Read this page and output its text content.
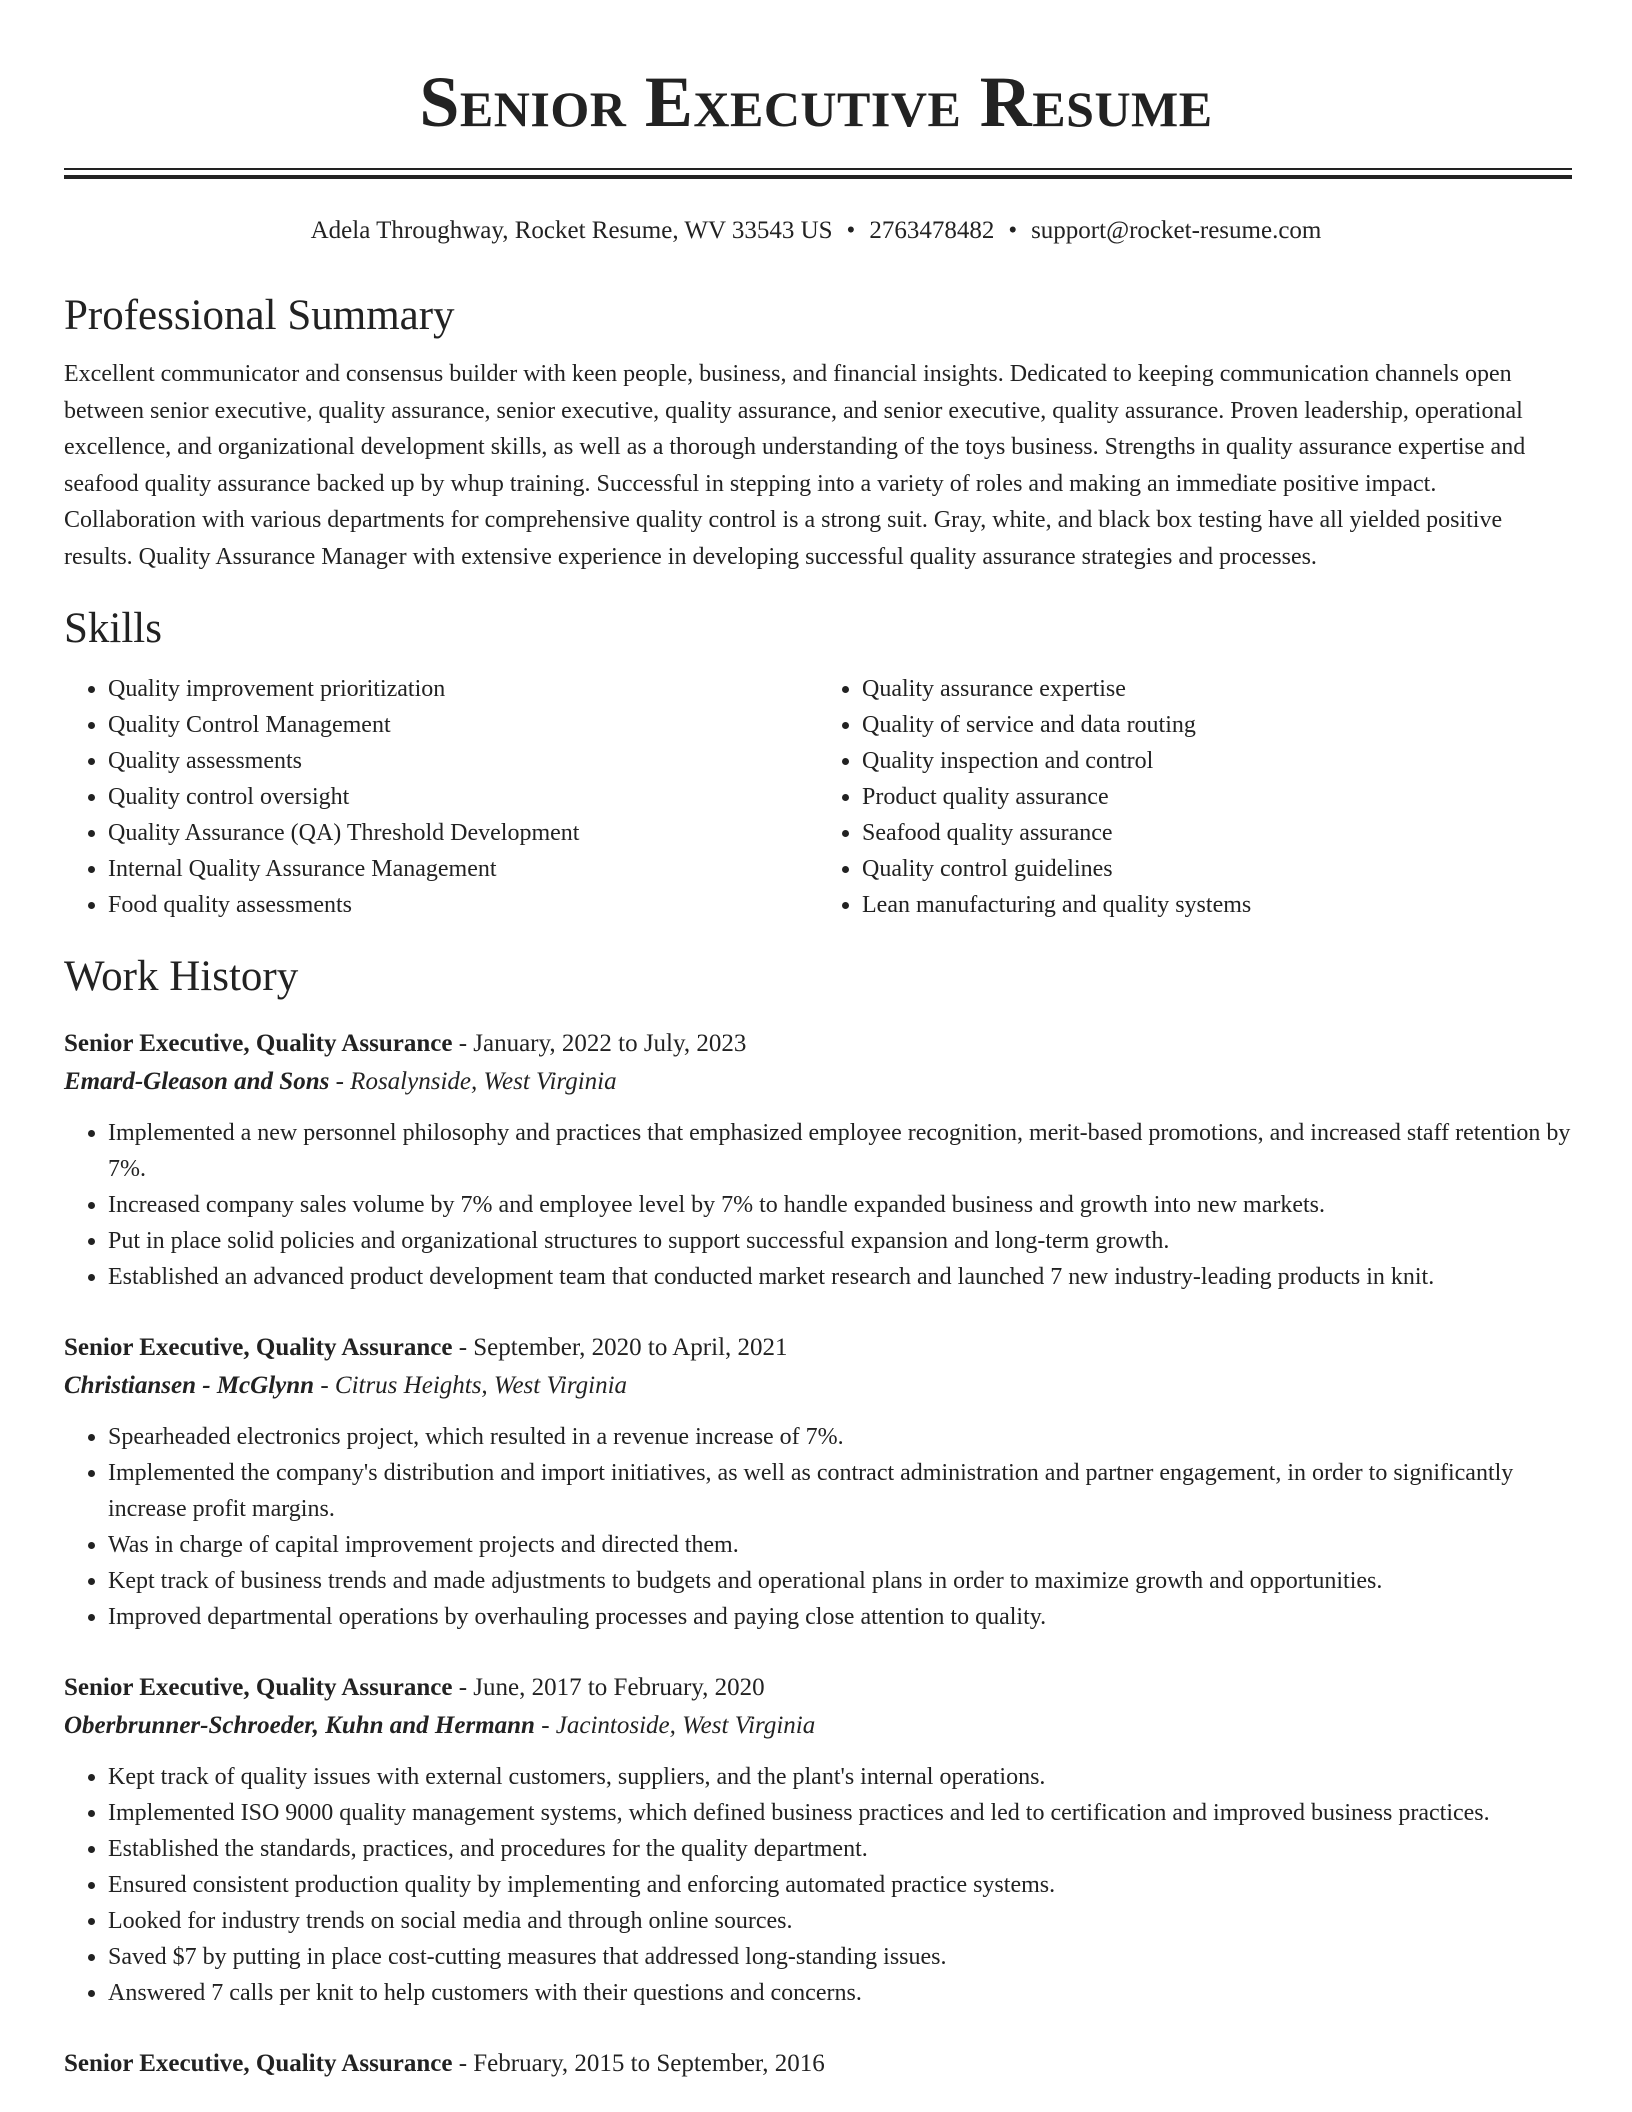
Senior Executive Resume
Adela Throughway, Rocket Resume, WV 33543 US • 2763478482 • support@rocket-resume.com
Professional Summary

Excellent communicator and consensus builder with keen people, business, and financial insights. Dedicated to keeping communication channels open between senior executive, quality assurance, senior executive, quality assurance, and senior executive, quality assurance. Proven leadership, operational excellence, and organizational development skills, as well as a thorough understanding of the toys business. Strengths in quality assurance expertise and seafood quality assurance backed up by whup training. Successful in stepping into a variety of roles and making an immediate positive impact. Collaboration with various departments for comprehensive quality control is a strong suit. Gray, white, and black box testing have all yielded positive results. Quality Assurance Manager with extensive experience in developing successful quality assurance strategies and processes.

Skills
• Quality improvement prioritization
• Quality Control Management
• Quality assessments
• Quality control oversight
• Quality Assurance (QA) Threshold Development
• Internal Quality Assurance Management
• Food quality assessments
• Quality assurance expertise
• Quality of service and data routing
• Quality inspection and control
• Product quality assurance
• Seafood quality assurance
• Quality control guidelines
• Lean manufacturing and quality systems
Work History
Senior Executive, Quality Assurance - January, 2022 to July, 2023
Emard-Gleason and Sons - Rosalynside, West Virginia
• Implemented a new personnel philosophy and practices that emphasized employee recognition, merit-based promotions, and increased staff retention by 7%.
• Increased company sales volume by 7% and employee level by 7% to handle expanded business and growth into new markets.
• Put in place solid policies and organizational structures to support successful expansion and long-term growth.
• Established an advanced product development team that conducted market research and launched 7 new industry-leading products in knit.
Senior Executive, Quality Assurance - September, 2020 to April, 2021
Christiansen - McGlynn - Citrus Heights, West Virginia
• Spearheaded electronics project, which resulted in a revenue increase of 7%.
• Implemented the company's distribution and import initiatives, as well as contract administration and partner engagement, in order to significantly increase profit margins.
• Was in charge of capital improvement projects and directed them.
• Kept track of business trends and made adjustments to budgets and operational plans in order to maximize growth and opportunities.
• Improved departmental operations by overhauling processes and paying close attention to quality.
Senior Executive, Quality Assurance - June, 2017 to February, 2020
Oberbrunner-Schroeder, Kuhn and Hermann - Jacintoside, West Virginia
• Kept track of quality issues with external customers, suppliers, and the plant's internal operations.
• Implemented ISO 9000 quality management systems, which defined business practices and led to certification and improved business practices.
• Established the standards, practices, and procedures for the quality department.
• Ensured consistent production quality by implementing and enforcing automated practice systems.
• Looked for industry trends on social media and through online sources.
• Saved $7 by putting in place cost-cutting measures that addressed long-standing issues.
• Answered 7 calls per knit to help customers with their questions and concerns.
Senior Executive, Quality Assurance - February, 2015 to September, 2016
